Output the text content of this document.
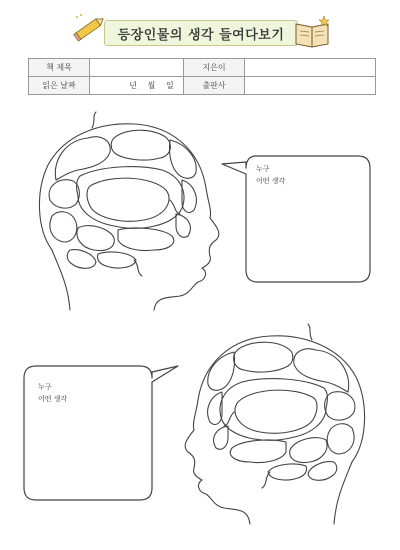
등장인물의 생각 들여다보기
책 제목		지은이	
읽은 날짜	년 월 일	출판사	
누구
어떤 생각
누구
어떤 생각
